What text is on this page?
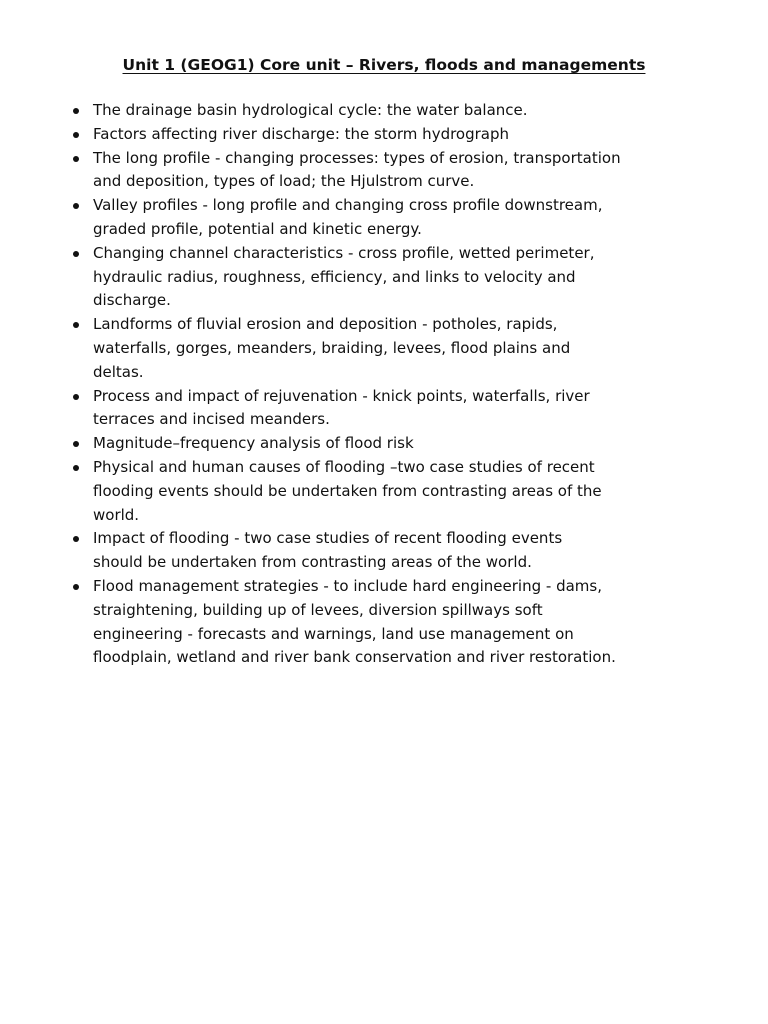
Unit 1 (GEOG1) Core unit – Rivers, floods and managements
The drainage basin hydrological cycle: the water balance.
Factors affecting river discharge: the storm hydrograph
The long profile - changing processes: types of erosion, transportation
and deposition, types of load; the Hjulstrom curve.
Valley profiles - long profile and changing cross profile downstream,
graded profile, potential and kinetic energy.
Changing channel characteristics - cross profile, wetted perimeter,
hydraulic radius, roughness, efficiency, and links to velocity and
discharge.
Landforms of fluvial erosion and deposition - potholes, rapids,
waterfalls, gorges, meanders, braiding, levees, flood plains and
deltas.
Process and impact of rejuvenation - knick points, waterfalls, river
terraces and incised meanders.
Magnitude–frequency analysis of flood risk
Physical and human causes of flooding –two case studies of recent
flooding events should be undertaken from contrasting areas of the
world.
Impact of flooding - two case studies of recent flooding events
should be undertaken from contrasting areas of the world.
Flood management strategies - to include hard engineering - dams,
straightening, building up of levees, diversion spillways soft
engineering - forecasts and warnings, land use management on
floodplain, wetland and river bank conservation and river restoration.
